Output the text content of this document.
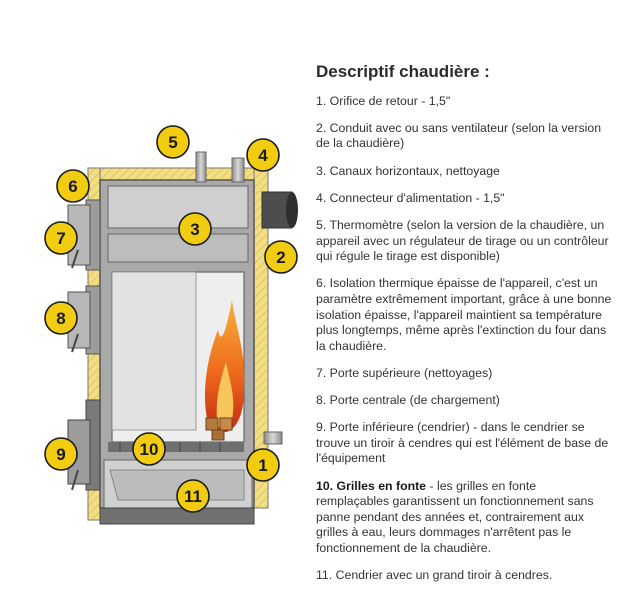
1
2
3
4
5
6
7
8
9	10
11
Descriptif chaudière :

1. Orifice de retour - 1,5"

2. Conduit avec ou sans ventilateur (selon la version de la chaudière)

3. Canaux horizontaux, nettoyage

4. Connecteur d'alimentation - 1,5"

5. Thermomètre (selon la version de la chaudière, un appareil avec un régulateur de tirage ou un contrôleur qui régule le tirage est disponible)

6. Isolation thermique épaisse de l'appareil, c'est un paramètre extrêmement important, grâce à une bonne isolation épaisse, l'appareil maintient sa température plus longtemps, même après l'extinction du four dans la chaudière.

7. Porte supérieure (nettoyages)

8. Porte centrale (de chargement)

9. Porte inférieure (cendrier) - dans le cendrier se trouve un tiroir à cendres qui est l'élément de base de l'équipement

10. Grilles en fonte - les grilles en fonte remplaçables garantissent un fonctionnement sans panne pendant des années et, contrairement aux grilles à eau, leurs dommages n'arrêtent pas le fonctionnement de la chaudière.

11. Cendrier avec un grand tiroir à cendres.
